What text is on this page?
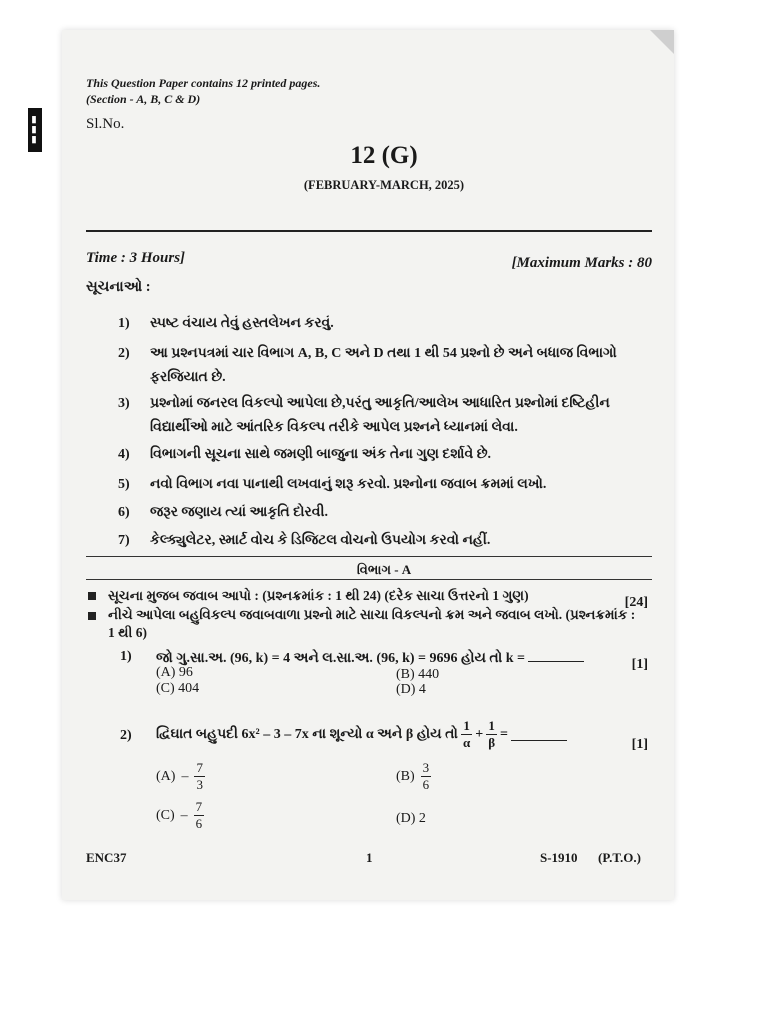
▮▮▮
This Question Paper contains 12 printed pages.
(Section - A, B, C & D)
Sl.No.
12 (G)
(FEBRUARY-MARCH, 2025)
Time : 3 Hours]	[Maximum Marks : 80
સૂચનાઓ :
1) સ્પષ્ટ વંચાય તેવું હસ્તલેખન કરવું.
2) આ પ્રશ્નપત્રમાં ચાર વિભાગ A, B, C અને D તથા 1 થી 54 પ્રશ્નો છે અને બધાજ વિભાગો ફરજિયાત છે.
3) પ્રશ્નોમાં જનરલ વિકલ્પો આપેલા છે,પરંતુ આકૃતિ/આલેખ આધારિત પ્રશ્નોમાં દષ્ટિહીન વિદ્યાર્થીઓ માટે આંતરિક વિકલ્પ તરીકે આપેલ પ્રશ્નને ધ્યાનમાં લેવા.
4) વિભાગની સૂચના સાથે જમણી બાજુના અંક તેના ગુણ દર્શાવે છે.
5) નવો વિભાગ નવા પાનાથી લખવાનું શરૂ કરવો. પ્રશ્નોના જવાબ ક્રમમાં લખો.
6) જરૂર જણાય ત્યાં આકૃતિ દોરવી.
7) કેલ્ક્યુલેટર, સ્માર્ટ વોચ કે ડિજિટલ વોચનો ઉપયોગ કરવો નહીં.
વિભાગ - A
સૂચના મુજબ જવાબ આપો : (પ્રશ્નક્રમાંક : 1 થી 24) (દરેક સાચા ઉત્તરનો 1 ગુણ)	[24]
નીચે આપેલા બહુવિકલ્પ જવાબવાળા પ્રશ્નો માટે સાચા વિકલ્પનો ક્રમ અને જવાબ લખો. (પ્રશ્નક્રમાંક : 1 થી 6)
1) જો ગુ.સા.અ. (96, k) = 4 અને લ.સા.અ. (96, k) = 9696 હોય તો k =	[1]
(A) 96	(B) 440
(C) 404	(D) 4
2) દ્વિઘાત બહુપદી 6x² – 3 – 7x ના શૂન્યો α અને β હોય તો $\frac{1}{\alpha} + \frac{1}{\beta}$ =
[1]
$(A) - \frac{7}{3}$	$(B) \frac{3}{6}$
$(C) - \frac{7}{6}$	(D) 2
ENC37	1	S-1910 (P.T.O.)
